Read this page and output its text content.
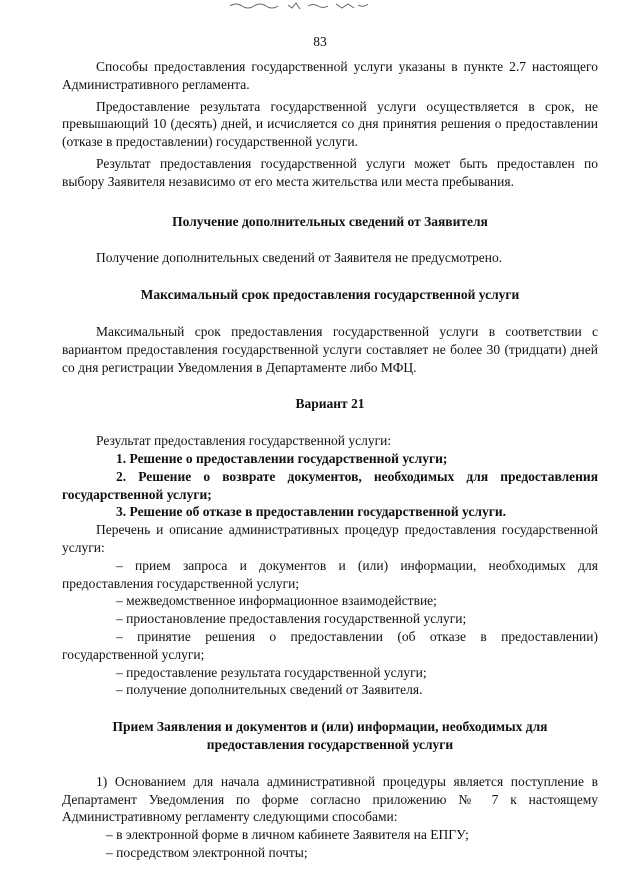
83

Способы предоставления государственной услуги указаны в пункте 2.7 настоящего Административного регламента.

Предоставление результата государственной услуги осуществляется в срок, не превышающий 10 (десять) дней, и исчисляется со дня принятия решения о предоставлении (отказе в предоставлении) государственной услуги.

Результат предоставления государственной услуги может быть предоставлен по выбору Заявителя независимо от его места жительства или места пребывания.

Получение дополнительных сведений от Заявителя

Получение дополнительных сведений от Заявителя не предусмотрено.

Максимальный срок предоставления государственной услуги

Максимальный срок предоставления государственной услуги в соответствии с вариантом предоставления государственной услуги составляет не более 30 (тридцати) дней со дня регистрации Уведомления в Департаменте либо МФЦ.

Вариант 21

Результат предоставления государственной услуги:

1. Решение о предоставлении государственной услуги;

2. Решение о возврате документов, необходимых для предоставления государственной услуги;

3. Решение об отказе в предоставлении государственной услуги.

Перечень и описание административных процедур предоставления государственной услуги:

– прием запроса и документов и (или) информации, необходимых для предоставления государственной услуги;

– межведомственное информационное взаимодействие;

– приостановление предоставления государственной услуги;

– принятие решения о предоставлении (об отказе в предоставлении) государственной услуги;

– предоставление результата государственной услуги;

– получение дополнительных сведений от Заявителя.

Прием Заявления и документов и (или) информации, необходимых для предоставления государственной услуги

1) Основанием для начала административной процедуры является поступление в Департамент Уведомления по форме согласно приложению № 7 к настоящему Административному регламенту следующими способами:

– в электронной форме в личном кабинете Заявителя на ЕПГУ;

– посредством электронной почты;
